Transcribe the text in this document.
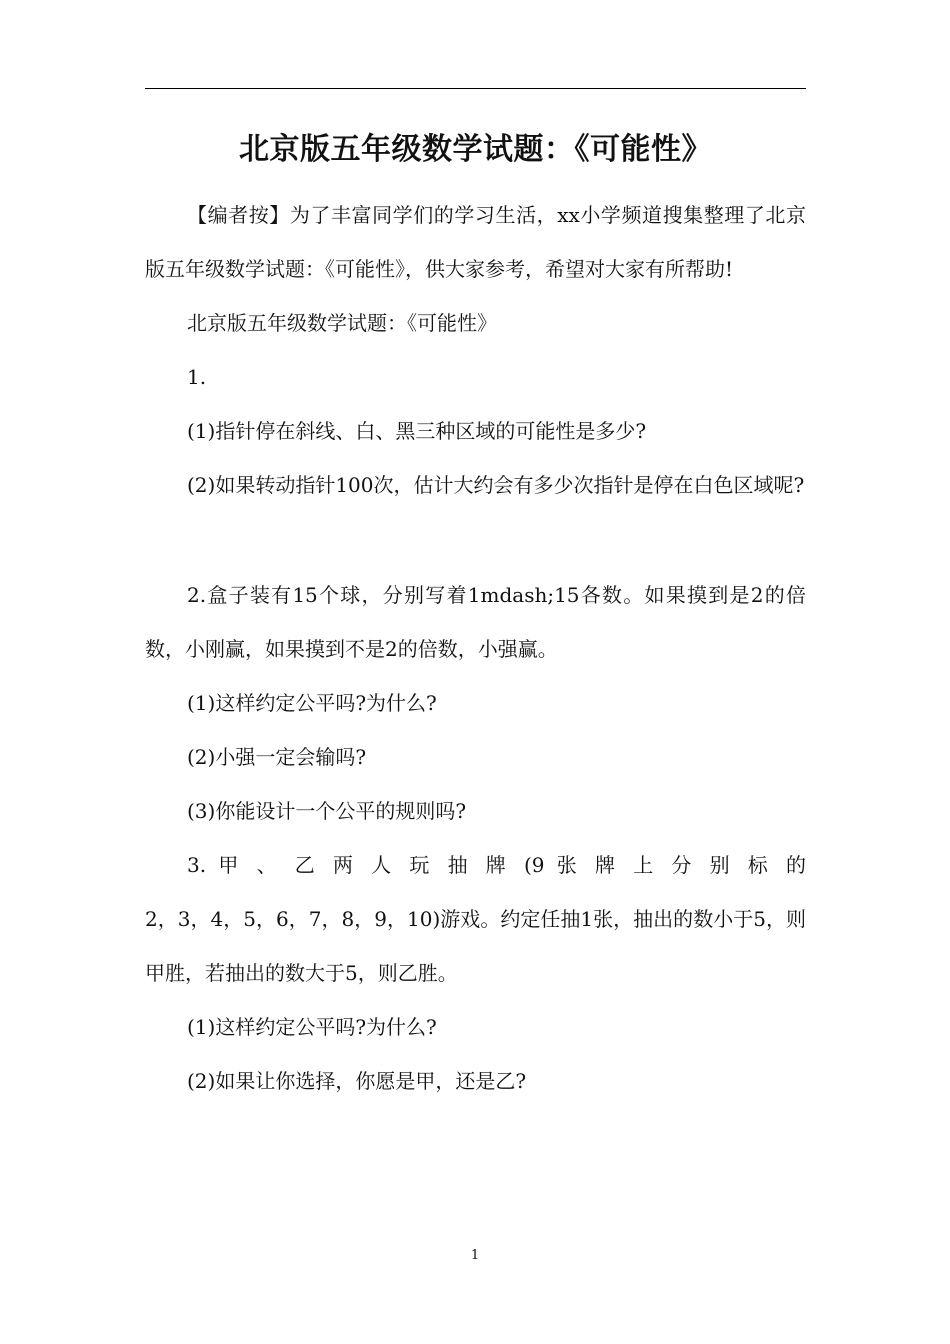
北京版五年级数学试题：《可能性》

【编者按】为了丰富同学们的学习生活，xx小学频道搜集整理了北京版五年级数学试题：《可能性》，供大家参考，希望对大家有所帮助!

北京版五年级数学试题：《可能性》

1.

(1)指针停在斜线、白、黑三种区域的可能性是多少?

(2)如果转动指针100次，估计大约会有多少次指针是停在白色区域呢?

2.盒子装有15个球，分别写着1mdash;15各数。如果摸到是2的倍数，小刚赢，如果摸到不是2的倍数，小强赢。

(1)这样约定公平吗?为什么?

(2)小强一定会输吗?

(3)你能设计一个公平的规则吗?

3. 甲 、 乙 两 人 玩 抽 牌 (9 张 牌 上 分 别 标 的

2，3，4，5，6，7，8，9，10)游戏。约定任抽1张，抽出的数小于5，则甲胜，若抽出的数大于5，则乙胜。

(1)这样约定公平吗?为什么?

(2)如果让你选择，你愿是甲，还是乙?

1
